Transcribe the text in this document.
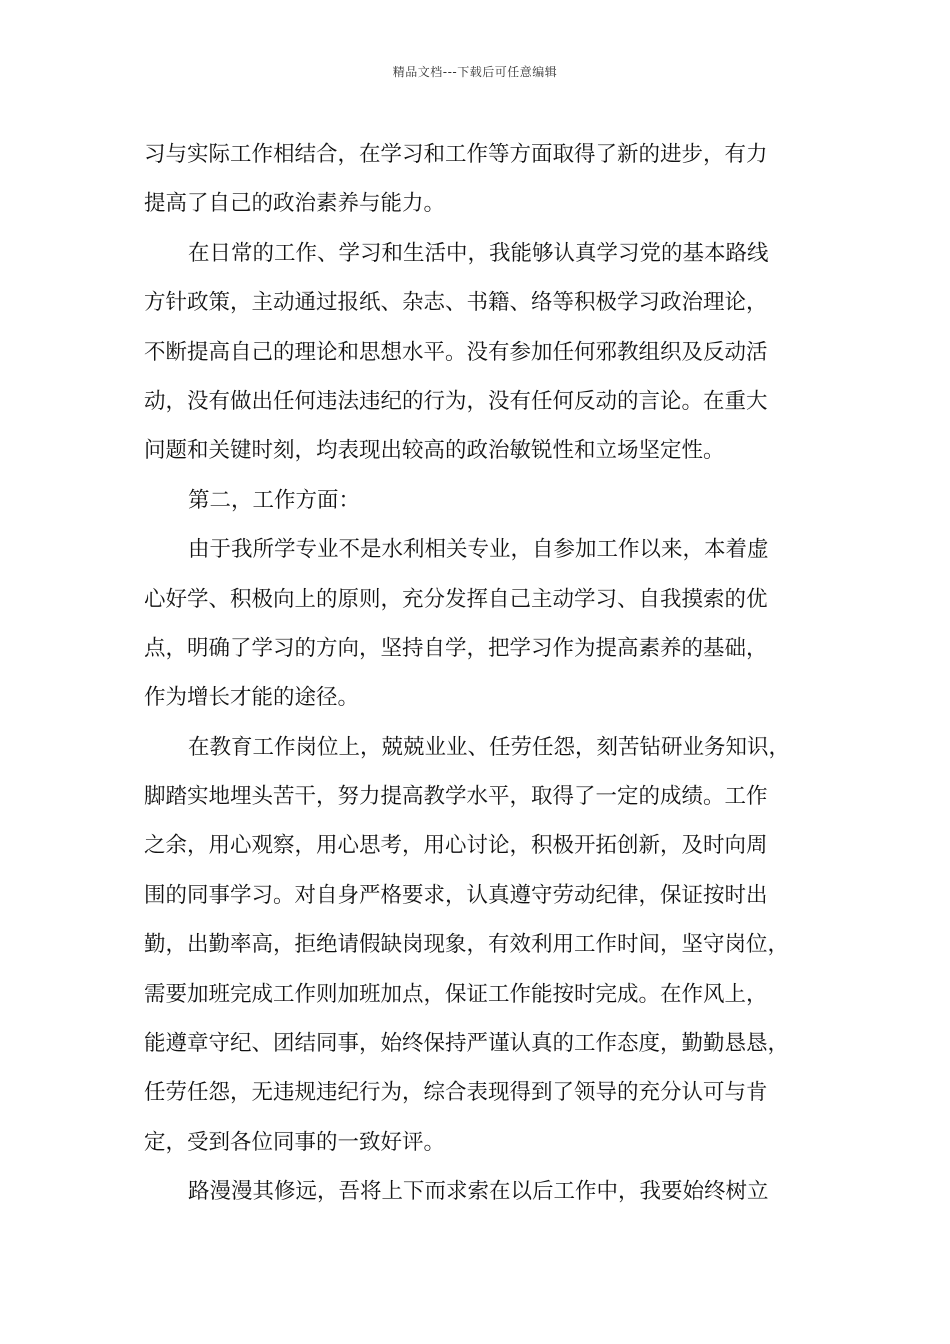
精品文档---下载后可任意编辑
习与实际工作相结合，在学习和工作等方面取得了新的进步，有力
提高了自己的政治素养与能力。
在日常的工作、学习和生活中，我能够认真学习党的基本路线
方针政策，主动通过报纸、杂志、书籍、络等积极学习政治理论，
不断提高自己的理论和思想水平。没有参加任何邪教组织及反动活
动，没有做出任何违法违纪的行为，没有任何反动的言论。在重大
问题和关键时刻，均表现出较高的政治敏锐性和立场坚定性。
第二，工作方面：
由于我所学专业不是水利相关专业，自参加工作以来，本着虚
心好学、积极向上的原则，充分发挥自己主动学习、自我摸索的优
点，明确了学习的方向，坚持自学，把学习作为提高素养的基础，
作为增长才能的途径。
在教育工作岗位上，兢兢业业、任劳任怨，刻苦钻研业务知识，
脚踏实地埋头苦干，努力提高教学水平，取得了一定的成绩。工作
之余，用心观察，用心思考，用心讨论，积极开拓创新，及时向周
围的同事学习。对自身严格要求，认真遵守劳动纪律，保证按时出
勤，出勤率高，拒绝请假缺岗现象，有效利用工作时间，坚守岗位，
需要加班完成工作则加班加点，保证工作能按时完成。在作风上，
能遵章守纪、团结同事，始终保持严谨认真的工作态度，勤勤恳恳，
任劳任怨，无违规违纪行为，综合表现得到了领导的充分认可与肯
定，受到各位同事的一致好评。
路漫漫其修远，吾将上下而求索在以后工作中，我要始终树立
